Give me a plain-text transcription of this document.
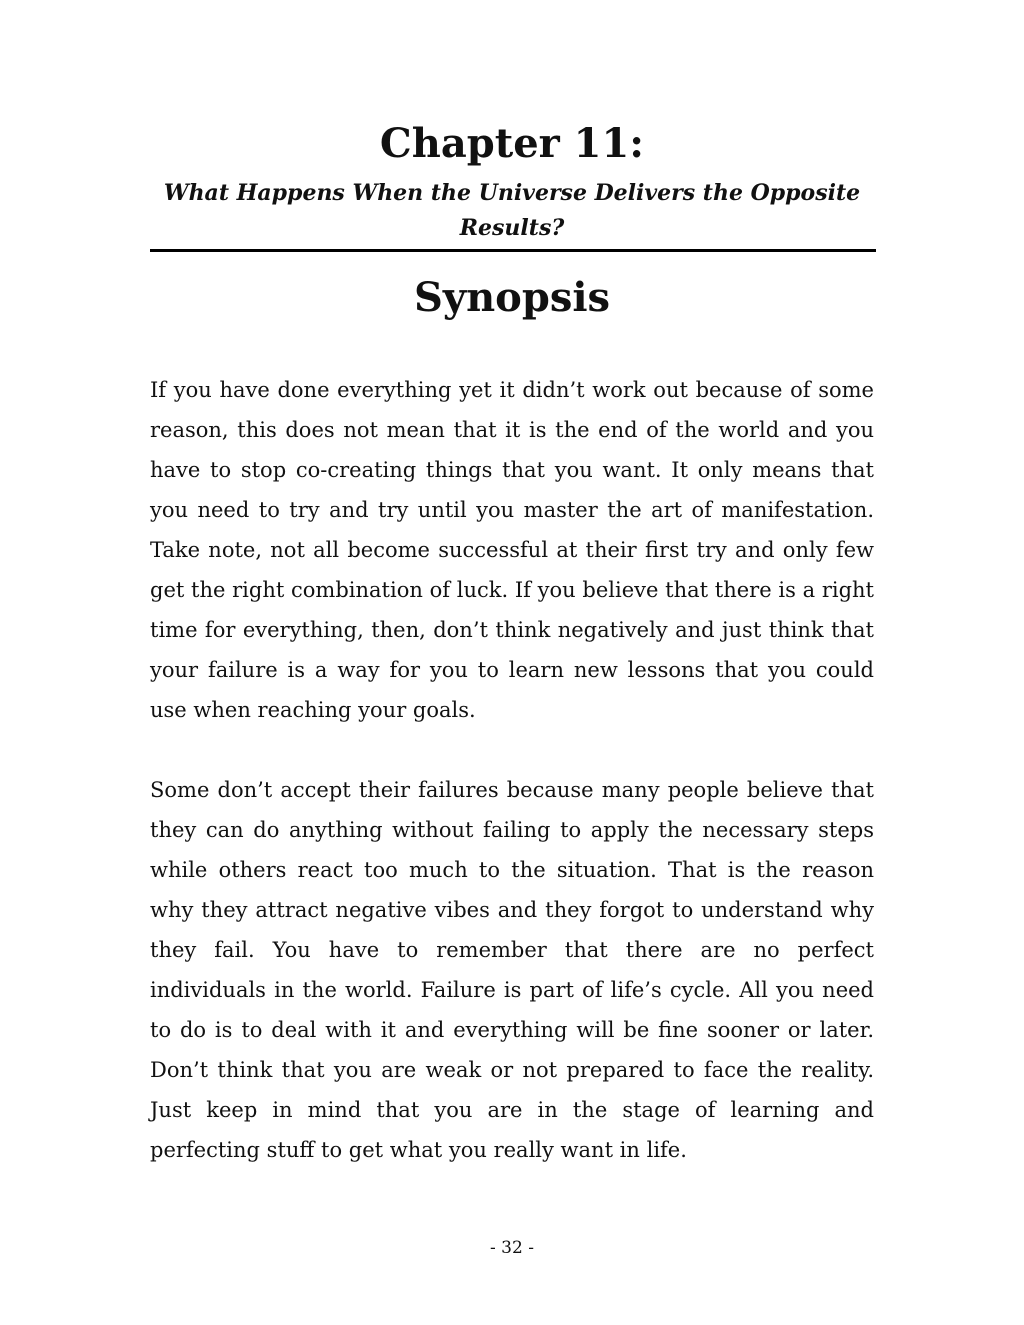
Chapter 11:

What Happens When the Universe Delivers the Opposite Results?

Synopsis

If you have done everything yet it didn’t work out because of some reason, this does not mean that it is the end of the world and you have to stop co-creating things that you want. It only means that you need to try and try until you master the art of manifestation. Take note, not all become successful at their first try and only few get the right combination of luck. If you believe that there is a right time for everything, then, don’t think negatively and just think that your failure is a way for you to learn new lessons that you could use when reaching your goals.

Some don’t accept their failures because many people believe that they can do anything without failing to apply the necessary steps while others react too much to the situation. That is the reason why they attract negative vibes and they forgot to understand why they fail. You have to remember that there are no perfect individuals in the world. Failure is part of life’s cycle. All you need to do is to deal with it and everything will be fine sooner or later. Don’t think that you are weak or not prepared to face the reality. Just keep in mind that you are in the stage of learning and perfecting stuff to get what you really want in life.

- 32 -
